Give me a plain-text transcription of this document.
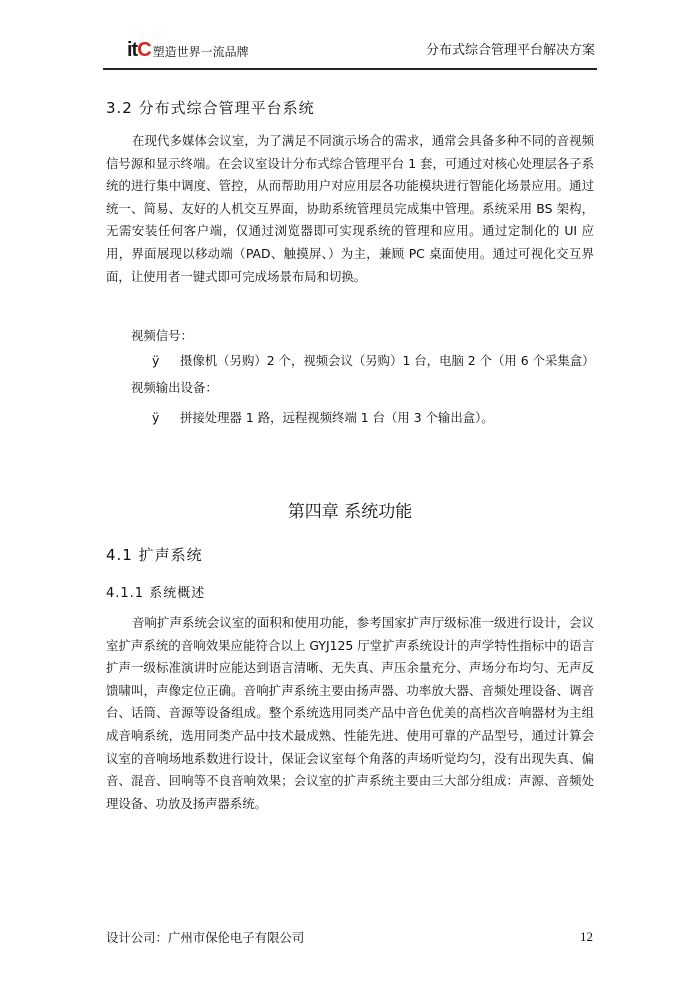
itC 塑造世界一流品牌	分布式综合管理平台解决方案
3.2 分布式综合管理平台系统
在现代多媒体会议室，为了满足不同演示场合的需求，通常会具备多种不同的音视频信号源和显示终端。在会议室设计分布式综合管理平台 1 套，可通过对核心处理层各子系统的进行集中调度、管控，从而帮助用户对应用层各功能模块进行智能化场景应用。通过统一、简易、友好的人机交互界面，协助系统管理员完成集中管理。系统采用 BS 架构，无需安装任何客户端，仅通过浏览器即可实现系统的管理和应用。通过定制化的 UI 应用，界面展现以移动端（PAD、触摸屏、）为主，兼顾 PC 桌面使用。通过可视化交互界面，让使用者一键式即可完成场景布局和切换。
视频信号：
ÿ	摄像机（另购）2 个，视频会议（另购）1 台，电脑 2 个（用 6 个采集盒）
视频输出设备：
ÿ	拼接处理器 1 路，远程视频终端 1 台（用 3 个输出盒）。
第四章 系统功能
4.1 扩声系统
4.1.1 系统概述
音响扩声系统会议室的面积和使用功能，参考国家扩声厅级标准一级进行设计，会议室扩声系统的音响效果应能符合以上 GYJ125 厅堂扩声系统设计的声学特性指标中的语言扩声一级标准演讲时应能达到语言清晰、无失真、声压余量充分、声场分布均匀、无声反馈啸叫，声像定位正确。音响扩声系统主要由扬声器、功率放大器、音频处理设备、调音台、话筒、音源等设备组成。整个系统选用同类产品中音色优美的高档次音响器材为主组成音响系统，选用同类产品中技术最成熟、性能先进、使用可靠的产品型号，通过计算会议室的音响场地系数进行设计，保证会议室每个角落的声场听觉均匀，没有出现失真、偏音、混音、回响等不良音响效果；会议室的扩声系统主要由三大部分组成：声源、音频处理设备、功放及扬声器系统。
设计公司：广州市保伦电子有限公司	12
